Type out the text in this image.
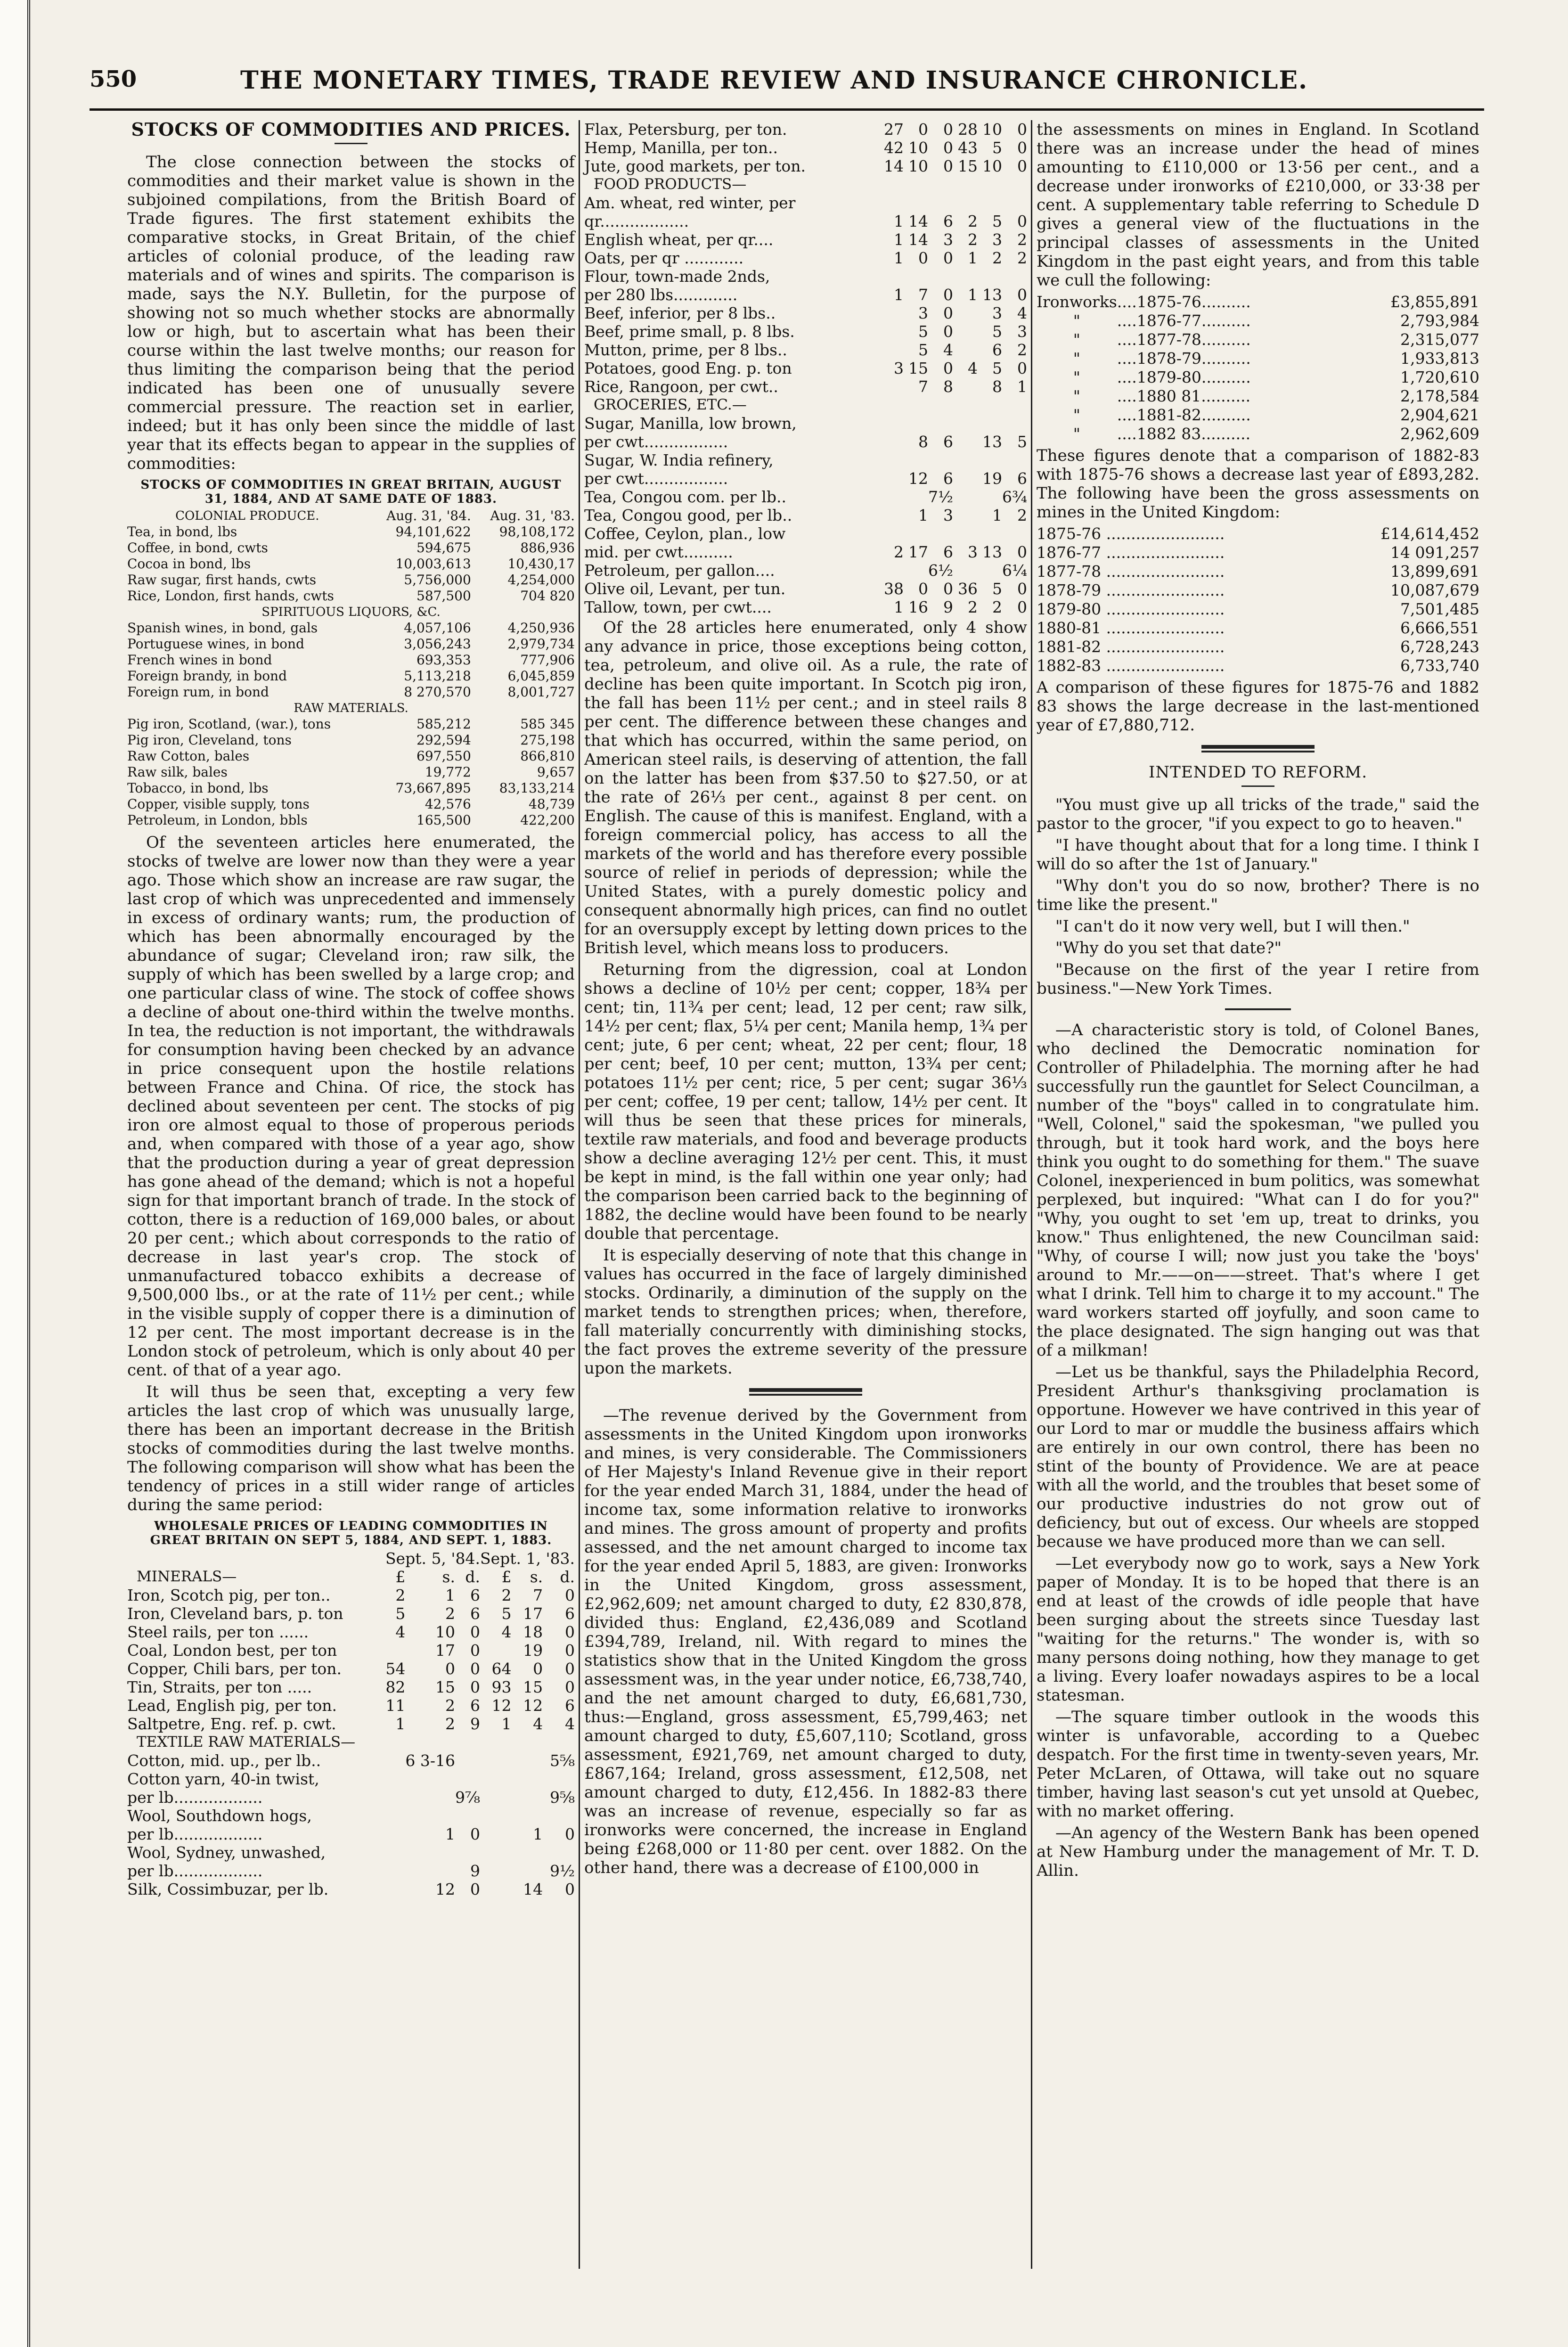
550	THE MONETARY TIMES, TRADE REVIEW AND INSURANCE CHRONICLE.
STOCKS OF COMMODITIES AND PRICES.

The close connection between the stocks of commodities and their market value is shown in the subjoined compilations, from the British Board of Trade figures. The first statement exhibits the comparative stocks, in Great Britain, of the chief articles of colonial produce, of the leading raw materials and of wines and spirits. The comparison is made, says the N.Y. Bulletin, for the purpose of showing not so much whether stocks are abnormally low or high, but to ascertain what has been their course within the last twelve months; our reason for thus limiting the comparison being that the period indicated has been one of unusually severe commercial pressure. The reaction set in earlier, indeed; but it has only been since the middle of last year that its effects began to appear in the supplies of commodities:

STOCKS OF COMMODITIES IN GREAT BRITAIN, AUGUST 31, 1884, AND AT SAME DATE OF 1883.
COLONIAL PRODUCE.	Aug. 31, '84.	Aug. 31, '83.
Tea, in bond, lbs	94,101,622	98,108,172
Coffee, in bond, cwts	594,675	886,936
Cocoa in bond, lbs	10,003,613	10,430,17
Raw sugar, first hands, cwts	5,756,000	4,254,000
Rice, London, first hands, cwts	587,500	704 820
SPIRITUOUS LIQUORS, &C.		
Spanish wines, in bond, gals	4,057,106	4,250,936
Portuguese wines, in bond	3,056,243	2,979,734
French wines in bond	693,353	777,906
Foreign brandy, in bond	5,113,218	6,045,859
Foreign rum, in bond	8 270,570	8,001,727
RAW MATERIALS.		
Pig iron, Scotland, (war.), tons	585,212	585 345
Pig iron, Cleveland, tons	292,594	275,198
Raw Cotton, bales	697,550	866,810
Raw silk, bales	19,772	9,657
Tobacco, in bond, lbs	73,667,895	83,133,214
Copper, visible supply, tons	42,576	48,739
Petroleum, in London, bbls	165,500	422,200

Of the seventeen articles here enumerated, the stocks of twelve are lower now than they were a year ago. Those which show an increase are raw sugar, the last crop of which was unprecedented and immensely in excess of ordinary wants; rum, the production of which has been abnormally encouraged by the abundance of sugar; Cleveland iron; raw silk, the supply of which has been swelled by a large crop; and one particular class of wine. The stock of coffee shows a decline of about one-third within the twelve months. In tea, the reduction is not important, the withdrawals for consumption having been checked by an advance in price consequent upon the hostile relations between France and China. Of rice, the stock has declined about seventeen per cent. The stocks of pig iron ore almost equal to those of properous periods and, when compared with those of a year ago, show that the production during a year of great depression has gone ahead of the demand; which is not a hopeful sign for that important branch of trade. In the stock of cotton, there is a reduction of 169,000 bales, or about 20 per cent.; which about corresponds to the ratio of decrease in last year's crop. The stock of unmanufactured tobacco exhibits a decrease of 9,500,000 lbs., or at the rate of 11½ per cent.; while in the visible supply of copper there is a diminution of 12 per cent. The most important decrease is in the London stock of petroleum, which is only about 40 per cent. of that of a year ago.

It will thus be seen that, excepting a very few articles the last crop of which was unusually large, there has been an important decrease in the British stocks of commodities during the last twelve months. The following comparison will show what has been the tendency of prices in a still wider range of articles during the same period:

WHOLESALE PRICES OF LEADING COMMODITIES IN GREAT BRITAIN ON SEPT 5, 1884, AND SEPT. 1, 1883.
	Sept. 5, '84.			Sept. 1, '83.		
MINERALS—	£	s.	d.	£	s.	d.
Iron, Scotch pig, per ton..	2	1	6	2	7	0
Iron, Cleveland bars, p. ton	5	2	6	5	17	6
Steel rails, per ton ......	4	10	0	4	18	0
Coal, London best, per ton		17	0		19	0
Copper, Chili bars, per ton.	54	0	0	64	0	0
Tin, Straits, per ton .....	82	15	0	93	15	0
Lead, English pig, per ton.	11	2	6	12	12	6
Saltpetre, Eng. ref. p. cwt.	1	2	9	1	4	4
TEXTILE RAW MATERIALS—						
Cotton, mid. up., per lb..		6 3-16				5⅝
Cotton yarn, 40-in twist,						
per lb..................			9⅞			9⅝
Wool, Southdown hogs,						
per lb..................		1	0		1	0
Wool, Sydney, unwashed,						
per lb..................			9			9½
Silk, Cossimbuzar, per lb.		12	0		14	0
Flax, Petersburg, per ton.	27	0	0	28	10	0
Hemp, Manilla, per ton..	42	10	0	43	5	0
Jute, good markets, per ton.	14	10	0	15	10	0
FOOD PRODUCTS—						
Am. wheat, red winter, per						
qr..................	1	14	6	2	5	0
English wheat, per qr....	1	14	3	2	3	2
Oats, per qr ............	1	0	0	1	2	2
Flour, town-made 2nds,						
per 280 lbs.............	1	7	0	1	13	0
Beef, inferior, per 8 lbs..		3	0		3	4
Beef, prime small, p. 8 lbs.		5	0		5	3
Mutton, prime, per 8 lbs..		5	4		6	2
Potatoes, good Eng. p. ton	3	15	0	4	5	0
Rice, Rangoon, per cwt..		7	8		8	1
GROCERIES, ETC.—						
Sugar, Manilla, low brown,						
per cwt.................		8	6		13	5
Sugar, W. India refinery,						
per cwt.................		12	6		19	6
Tea, Congou com. per lb..			7½			6¾
Tea, Congou good, per lb..		1	3		1	2
Coffee, Ceylon, plan., low						
mid. per cwt..........	2	17	6	3	13	0
Petroleum, per gallon....			6½			6¼
Olive oil, Levant, per tun.	38	0	0	36	5	0
Tallow, town, per cwt....	1	16	9	2	2	0

Of the 28 articles here enumerated, only 4 show any advance in price, those exceptions being cotton, tea, petroleum, and olive oil. As a rule, the rate of decline has been quite important. In Scotch pig iron, the fall has been 11½ per cent.; and in steel rails 8 per cent. The difference between these changes and that which has occurred, within the same period, on American steel rails, is deserving of attention, the fall on the latter has been from $37.50 to $27.50, or at the rate of 26⅓ per cent., against 8 per cent. on English. The cause of this is manifest. England, with a foreign commercial policy, has access to all the markets of the world and has therefore every possible source of relief in periods of depression; while the United States, with a purely domestic policy and consequent abnormally high prices, can find no outlet for an oversupply except by letting down prices to the British level, which means loss to producers.

Returning from the digression, coal at London shows a decline of 10½ per cent; copper, 18¾ per cent; tin, 11¾ per cent; lead, 12 per cent; raw silk, 14½ per cent; flax, 5¼ per cent; Manila hemp, 1¾ per cent; jute, 6 per cent; wheat, 22 per cent; flour, 18 per cent; beef, 10 per cent; mutton, 13¾ per cent; potatoes 11½ per cent; rice, 5 per cent; sugar 36⅓ per cent; coffee, 19 per cent; tallow, 14½ per cent. It will thus be seen that these prices for minerals, textile raw materials, and food and beverage products show a decline averaging 12½ per cent. This, it must be kept in mind, is the fall within one year only; had the comparison been carried back to the beginning of 1882, the decline would have been found to be nearly double that percentage.

It is especially deserving of note that this change in values has occurred in the face of largely diminished stocks. Ordinarily, a diminution of the supply on the market tends to strengthen prices; when, therefore, fall materially concurrently with diminishing stocks, the fact proves the extreme severity of the pressure upon the markets.

—The revenue derived by the Government from assessments in the United Kingdom upon ironworks and mines, is very considerable. The Commissioners of Her Majesty's Inland Revenue give in their report for the year ended March 31, 1884, under the head of income tax, some information relative to ironworks and mines. The gross amount of property and profits assessed, and the net amount charged to income tax for the year ended April 5, 1883, are given: Ironworks in the United Kingdom, gross assessment, £2,962,609; net amount charged to duty, £2 830,878, divided thus: England, £2,436,089 and Scotland £394,789, Ireland, nil. With regard to mines the statistics show that in the United Kingdom the gross assessment was, in the year under notice, £6,738,740, and the net amount charged to duty, £6,681,730, thus:—England, gross assessment, £5,799,463; net amount charged to duty, £5,607,110; Scotland, gross assessment, £921,769, net amount charged to duty, £867,164; Ireland, gross assessment, £12,508, net amount charged to duty, £12,456. In 1882-83 there was an increase of revenue, especially so far as ironworks were concerned, the increase in England being £268,000 or 11·80 per cent. over 1882. On the other hand, there was a decrease of £100,000 in

the assessments on mines in England. In Scotland there was an increase under the head of mines amounting to £110,000 or 13·56 per cent., and a decrease under ironworks of £210,000, or 33·38 per cent. A supplementary table referring to Schedule D gives a general view of the fluctuations in the principal classes of assessments in the United Kingdom in the past eight years, and from this table we cull the following:

Ironworks	....1875-76..........	£3,855,891
"	....1876-77..........	2,793,984
"	....1877-78..........	2,315,077
"	....1878-79..........	1,933,813
"	....1879-80..........	1,720,610
"	....1880 81..........	2,178,584
"	....1881-82..........	2,904,621
"	....1882 83..........	2,962,609

These figures denote that a comparison of 1882-83 with 1875-76 shows a decrease last year of £893,282. The following have been the gross assessments on mines in the United Kingdom:

1875-76 ........................	£14,614,452
1876-77 ........................	14 091,257
1877-78 ........................	13,899,691
1878-79 ........................	10,087,679
1879-80 ........................	7,501,485
1880-81 ........................	6,666,551
1881-82 ........................	6,728,243
1882-83 ........................	6,733,740

A comparison of these figures for 1875-76 and 1882 83 shows the large decrease in the last-mentioned year of £7,880,712.

INTENDED TO REFORM.

"You must give up all tricks of the trade," said the pastor to the grocer, "if you expect to go to heaven."

"I have thought about that for a long time. I think I will do so after the 1st of January."

"Why don't you do so now, brother? There is no time like the present."

"I can't do it now very well, but I will then."

"Why do you set that date?"

"Because on the first of the year I retire from business."—New York Times.

—A characteristic story is told, of Colonel Banes, who declined the Democratic nomination for Controller of Philadelphia. The morning after he had successfully run the gauntlet for Select Councilman, a number of the "boys" called in to congratulate him. "Well, Colonel," said the spokesman, "we pulled you through, but it took hard work, and the boys here think you ought to do something for them." The suave Colonel, inexperienced in bum politics, was somewhat perplexed, but inquired: "What can I do for you?" "Why, you ought to set 'em up, treat to drinks, you know." Thus enlightened, the new Councilman said: "Why, of course I will; now just you take the 'boys' around to Mr.——on——street. That's where I get what I drink. Tell him to charge it to my account." The ward workers started off joyfully, and soon came to the place designated. The sign hanging out was that of a milkman!

—Let us be thankful, says the Philadelphia Record, President Arthur's thanksgiving proclamation is opportune. However we have contrived in this year of our Lord to mar or muddle the business affairs which are entirely in our own control, there has been no stint of the bounty of Providence. We are at peace with all the world, and the troubles that beset some of our productive industries do not grow out of deficiency, but out of excess. Our wheels are stopped because we have produced more than we can sell.

—Let everybody now go to work, says a New York paper of Monday. It is to be hoped that there is an end at least of the crowds of idle people that have been surging about the streets since Tuesday last "waiting for the returns." The wonder is, with so many persons doing nothing, how they manage to get a living. Every loafer nowadays aspires to be a local statesman.

—The square timber outlook in the woods this winter is unfavorable, according to a Quebec despatch. For the first time in twenty-seven years, Mr. Peter McLaren, of Ottawa, will take out no square timber, having last season's cut yet unsold at Quebec, with no market offering.

—An agency of the Western Bank has been opened at New Hamburg under the management of Mr. T. D. Allin.
